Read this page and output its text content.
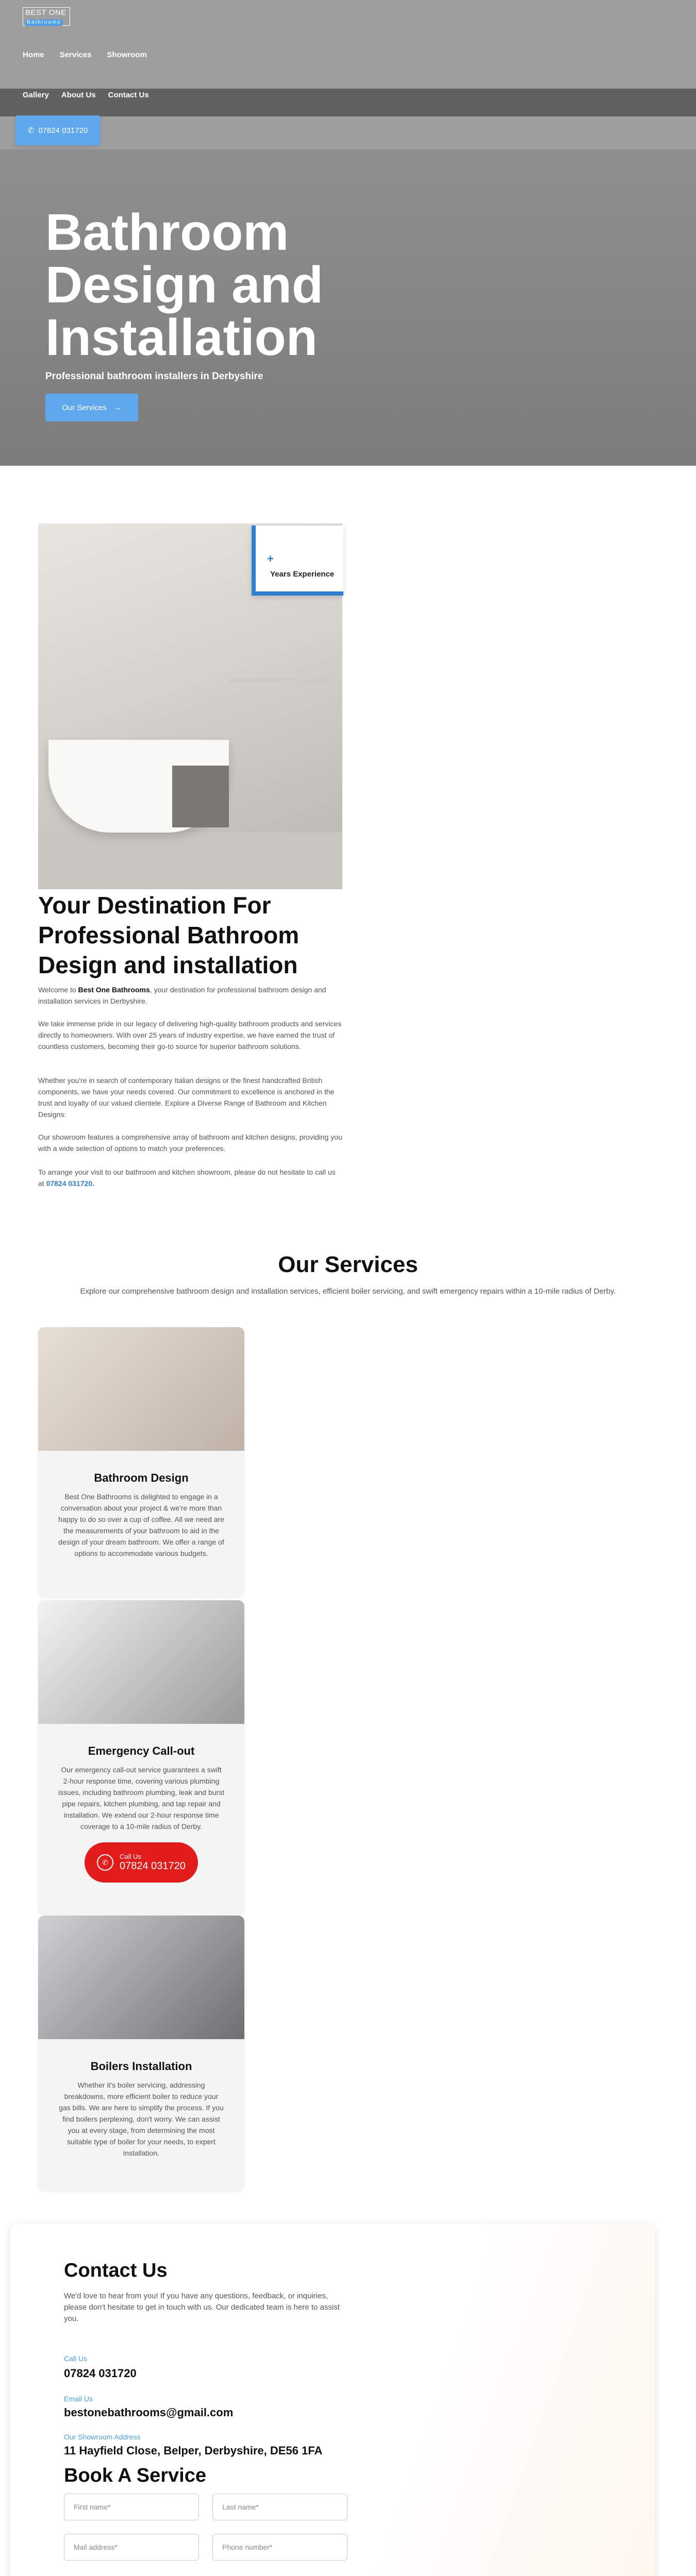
BEST ONE
Bathrooms
Home Services Showroom
Gallery About Us Contact Us
✆ 07824 031720
Bathroom Design and Installation
Professional bathroom installers in Derbyshire
Our Services →
+
Years Experience
Your Destination For Professional Bathroom Design and installation

Welcome to Best One Bathrooms, your destination for professional bathroom design and installation services in Derbyshire.

We take immense pride in our legacy of delivering high-quality bathroom products and services directly to homeowners. With over 25 years of industry expertise, we have earned the trust of countless customers, becoming their go-to source for superior bathroom solutions.

Whether you're in search of contemporary Italian designs or the finest handcrafted British components, we have your needs covered. Our commitment to excellence is anchored in the trust and loyalty of our valued clientele. Explore a Diverse Range of Bathroom and Kitchen Designs:

Our showroom features a comprehensive array of bathroom and kitchen designs, providing you with a wide selection of options to match your preferences.

To arrange your visit to our bathroom and kitchen showroom, please do not hesitate to call us at 07824 031720.

Our Services

Explore our comprehensive bathroom design and installation services, efficient boiler servicing, and swift emergency repairs within a 10-mile radius of Derby.

Bathroom Design

Best One Bathrooms is delighted to engage in a conversation about your project & we're more than happy to do so over a cup of coffee. All we need are the measurements of your bathroom to aid in the design of your dream bathroom. We offer a range of options to accommodate various budgets.

Emergency Call-out

Our emergency call-out service guarantees a swift 2-hour response time, covering various plumbing issues, including bathroom plumbing, leak and burst pipe repairs, kitchen plumbing, and tap repair and installation. We extend our 2-hour response time coverage to a 10-mile radius of Derby.

✆
Call Us
07824 031720
Boilers Installation

Whether it's boiler servicing, addressing breakdowns, more efficient boiler to reduce your gas bills. We are here to simplify the process. If you find boilers perplexing, don't worry. We can assist you at every stage, from determining the most suitable type of boiler for your needs, to expert installation.

Contact Us

We'd love to hear from you! If you have any questions, feedback, or inquiries, please don't hesitate to get in touch with us. Our dedicated team is here to assist you.

Call Us
07824 031720
Email Us
bestonebathrooms@gmail.com
Our Showroom Address
11 Hayfield Close, Belper, Derbyshire, DE56 1FA
Book A Service
First name*	Last name*
Mail address*	Phone number*
